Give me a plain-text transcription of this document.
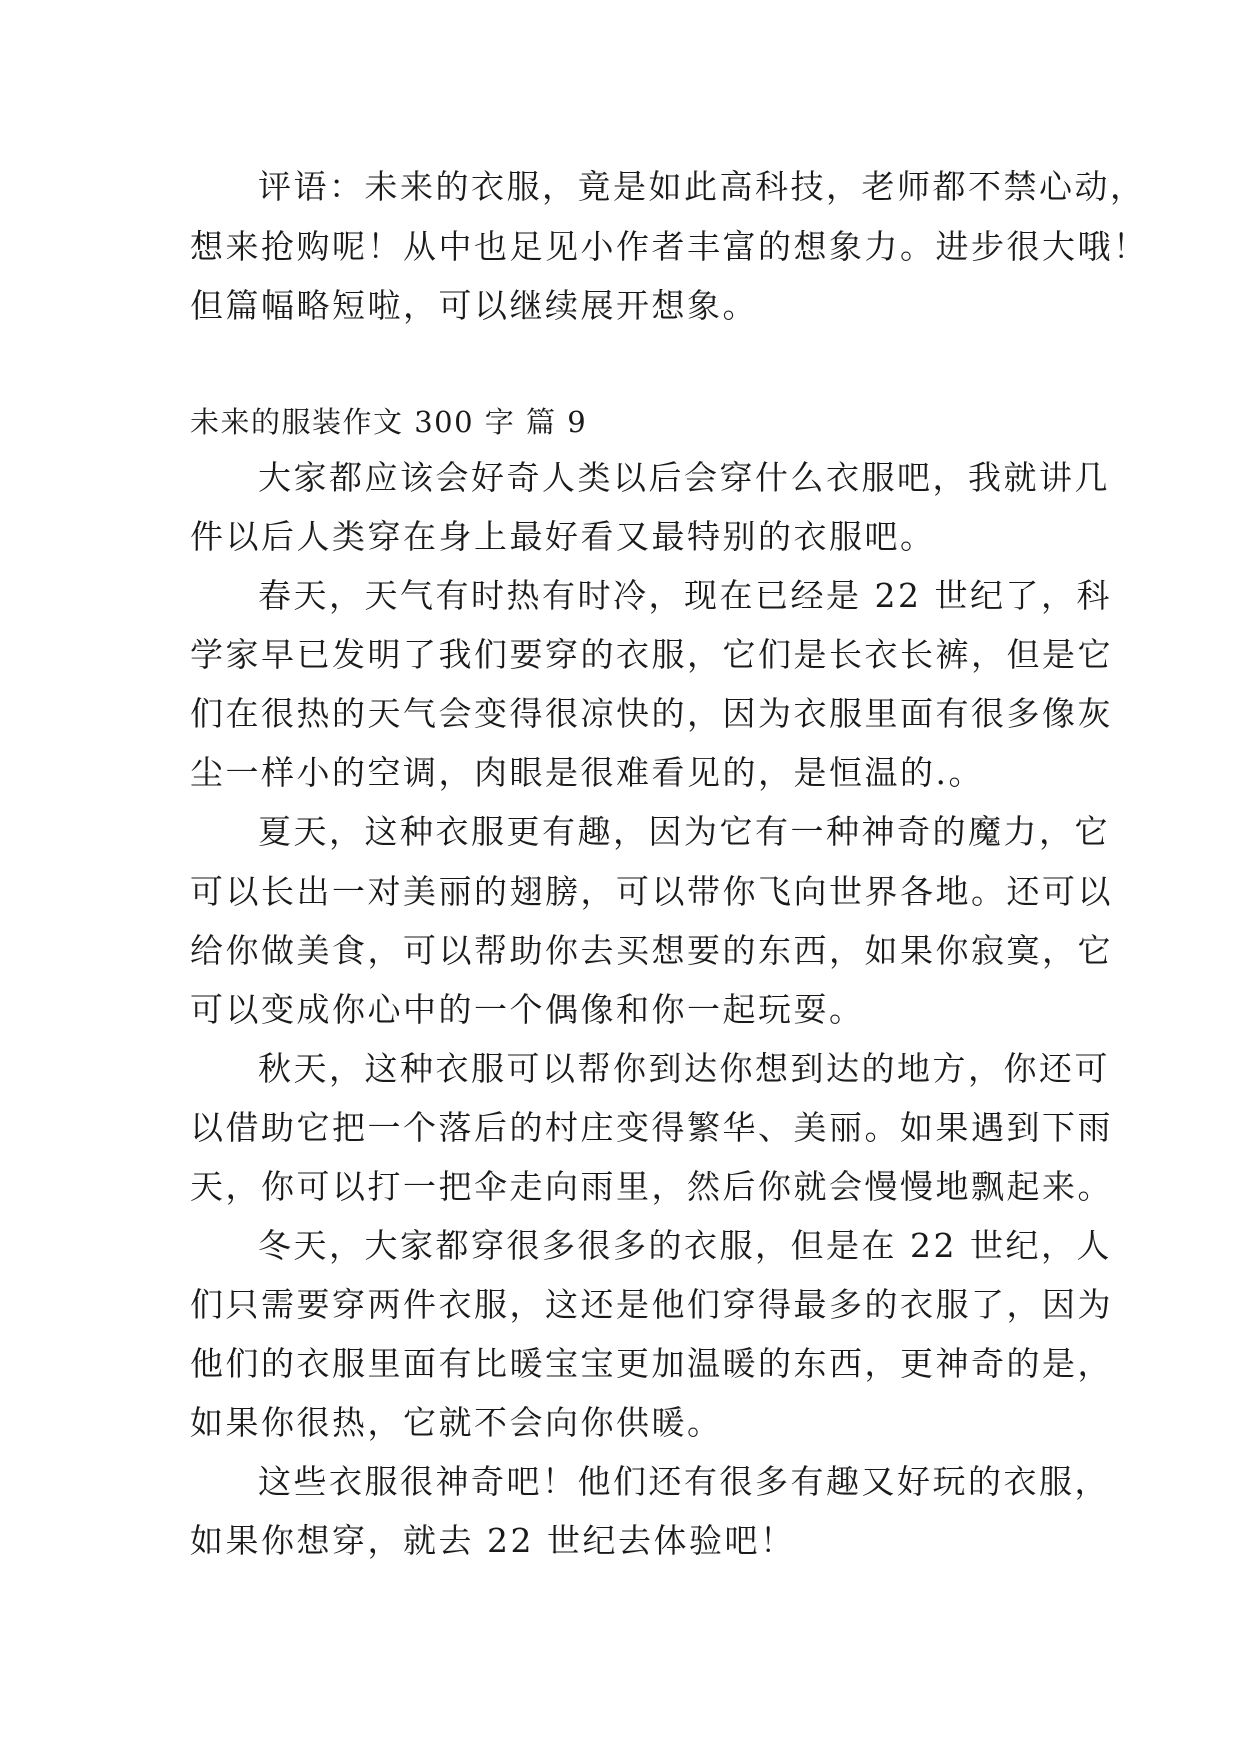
评语：未来的衣服，竟是如此高科技，老师都不禁心动，
想来抢购呢！从中也足见小作者丰富的想象力。进步很大哦！
但篇幅略短啦，可以继续展开想象。
未来的服装作文 300 字 篇 9
大家都应该会好奇人类以后会穿什么衣服吧，我就讲几
件以后人类穿在身上最好看又最特别的衣服吧。
春天，天气有时热有时冷，现在已经是 22 世纪了，科
学家早已发明了我们要穿的衣服，它们是长衣长裤，但是它
们在很热的天气会变得很凉快的，因为衣服里面有很多像灰
尘一样小的空调，肉眼是很难看见的，是恒温的.。
夏天，这种衣服更有趣，因为它有一种神奇的魔力，它
可以长出一对美丽的翅膀，可以带你飞向世界各地。还可以
给你做美食，可以帮助你去买想要的东西，如果你寂寞，它
可以变成你心中的一个偶像和你一起玩耍。
秋天，这种衣服可以帮你到达你想到达的地方，你还可
以借助它把一个落后的村庄变得繁华、美丽。如果遇到下雨
天，你可以打一把伞走向雨里，然后你就会慢慢地飘起来。
冬天，大家都穿很多很多的衣服，但是在 22 世纪，人
们只需要穿两件衣服，这还是他们穿得最多的衣服了，因为
他们的衣服里面有比暖宝宝更加温暖的东西，更神奇的是，
如果你很热，它就不会向你供暖。
这些衣服很神奇吧！他们还有很多有趣又好玩的衣服，
如果你想穿，就去 22 世纪去体验吧！
